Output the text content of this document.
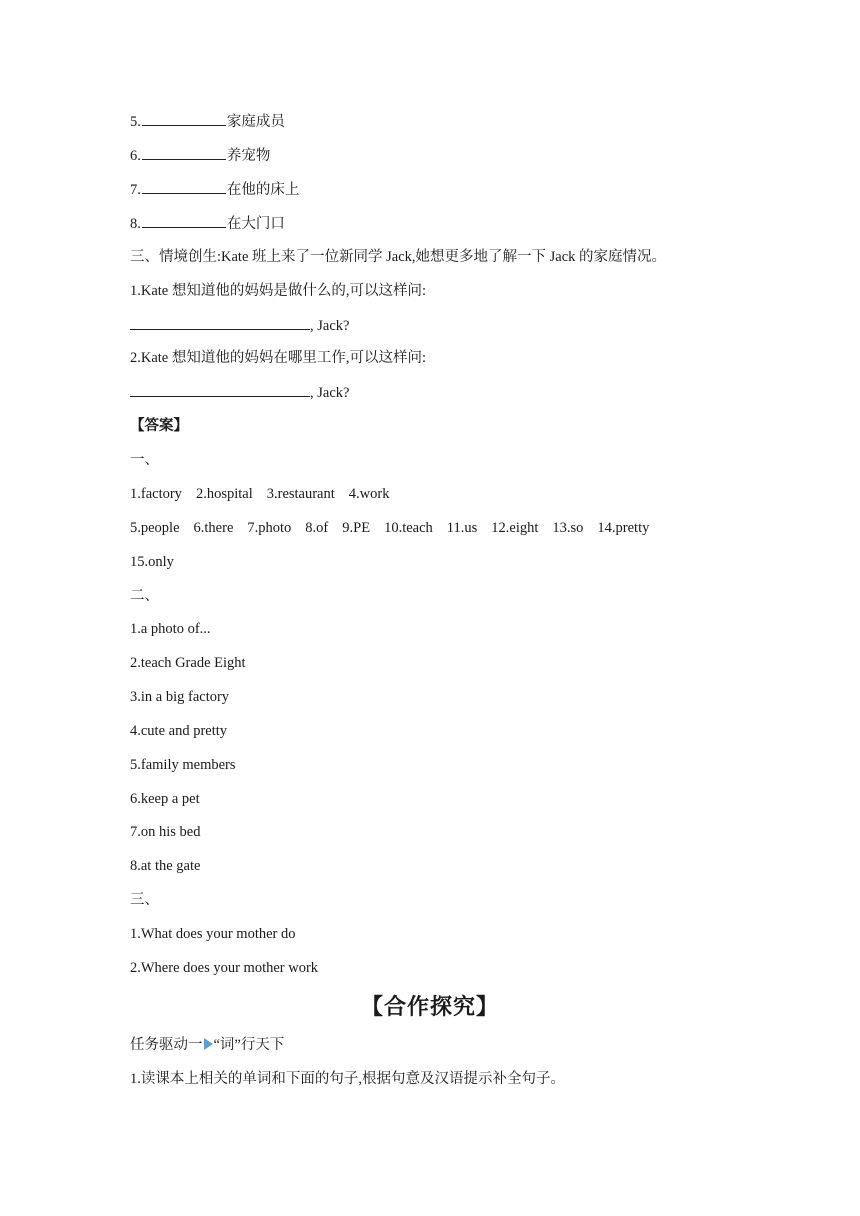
5.	家庭成员
6.	养宠物
7.	在他的床上
8.	在大门口
三、情境创生:Kate 班上来了一位新同学 Jack,她想更多地了解一下 Jack 的家庭情况。
1.Kate 想知道他的妈妈是做什么的,可以这样问:
, Jack?
2.Kate 想知道他的妈妈在哪里工作,可以这样问:
, Jack?
【答案】
一、
1.factory 2.hospital 3.restaurant 4.work
5.people 6.there 7.photo 8.of 9.PE 10.teach 11.us 12.eight 13.so 14.pretty
15.only
二、
1.a photo of...
2.teach Grade Eight
3.in a big factory
4.cute and pretty
5.family members
6.keep a pet
7.on his bed
8.at the gate
三、
1.What does your mother do
2.Where does your mother work
【合作探究】
任务驱动一 “词”行天下
1.读课本上相关的单词和下面的句子,根据句意及汉语提示补全句子。
